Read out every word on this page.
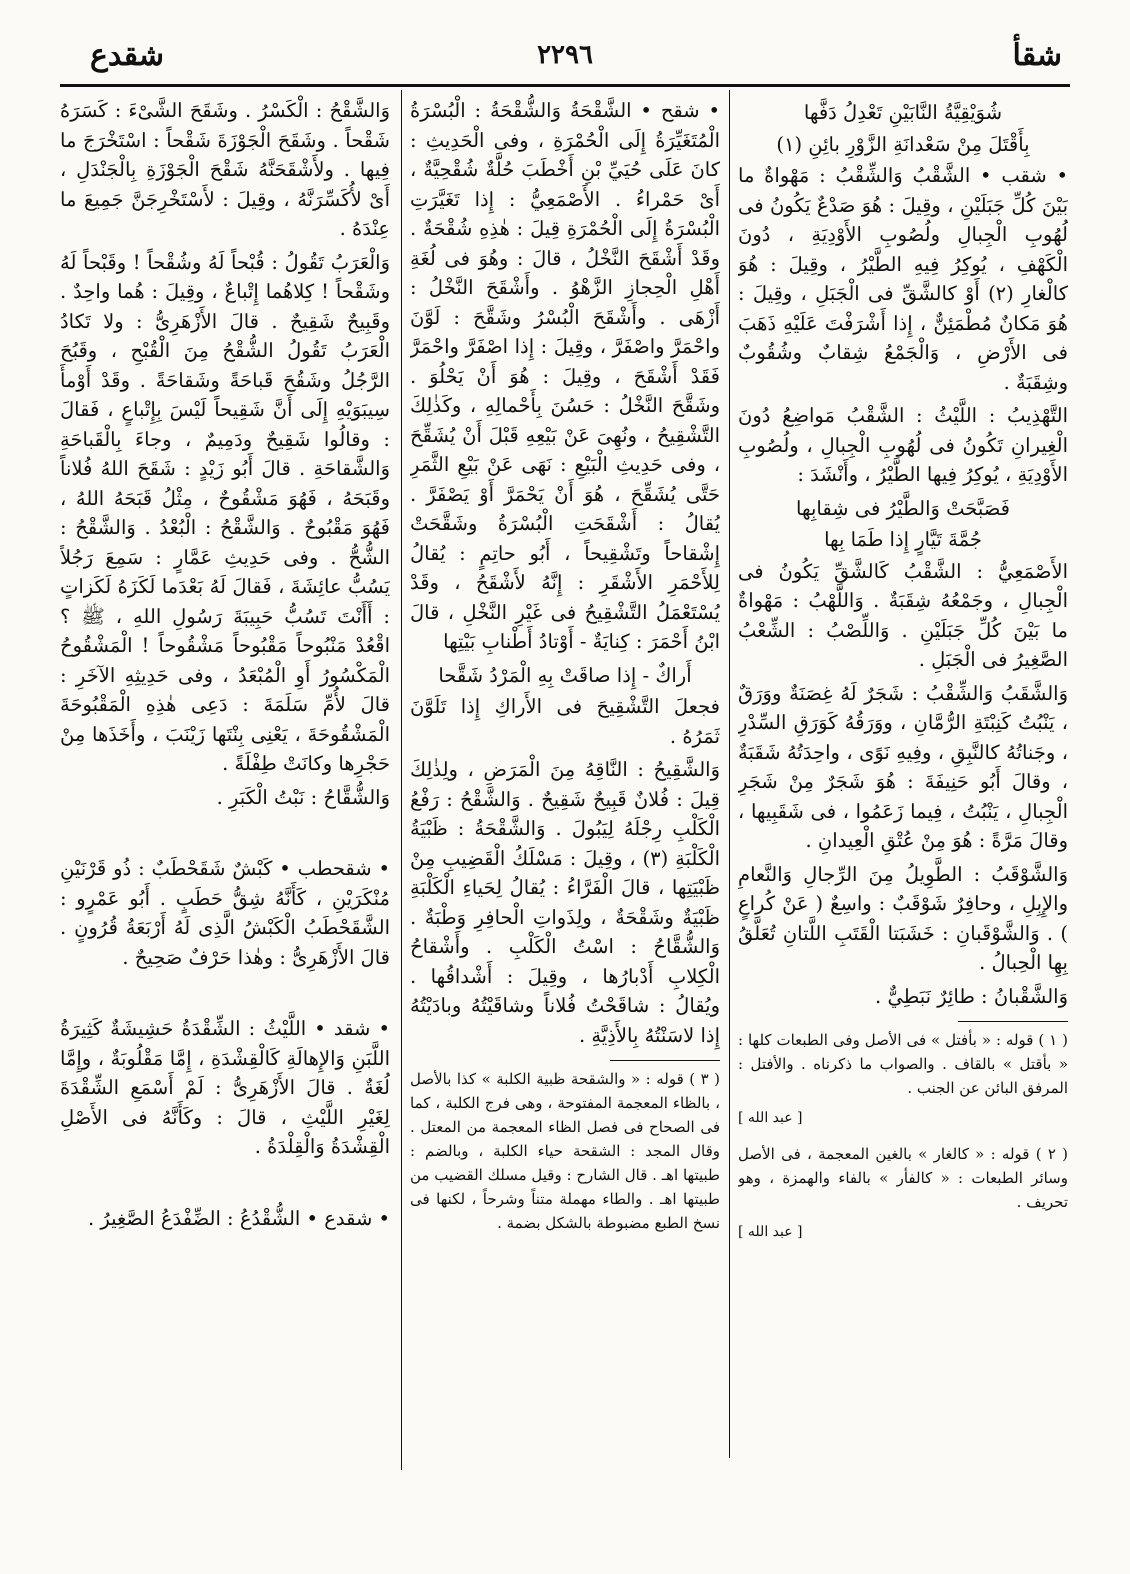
شقأ
٢٢٩٦
شقدع
شُوَيْقِيَّةُ النَّابَيْنِ تَعْدِلُ دَفَّها
بِأَقْتَلَ مِنْ سَعْدانَةِ الزَّوْرِ بائِنِ (١)

• شقب • الشَّقْبُ وَالشِّقْبُ : مَهْواةٌ ما بَيْنَ كُلِّ جَبَلَيْنِ ، وقِيلَ : هُوَ صَدْعٌ يَكُونُ فى لُهُوبِ الْجِبالِ ولُصُوبِ الأَوْدِيَةِ ، دُونَ الْكَهْفِ ، يُوكِرُ فِيهِ الطَّيْرُ ، وقِيلَ : هُوَ كالْغارِ (٢) أَوْ كالشَّقِّ فى الْجَبَلِ ، وقِيلَ : هُوَ مَكانٌ مُطْمَئِنٌّ ، إِذا أَشْرَفْتَ عَلَيْهِ ذَهَبَ فى الأَرْضِ ، وَالْجَمْعُ شِقابٌ وشُقُوبٌ وشِقَبَةٌ .

التَّهْذِيبُ : اللَّيْثُ : الشَّقْبُ مَواضِعُ دُونَ الْغِيرانِ تَكُونُ فى لُهُوبِ الْجِبالِ ، ولُصُوبِ الأَوْدِيَةِ ، يُوكِرُ فِيها الطَّيْرُ ، وأَنْشَدَ :

فَصَبَّحَتْ وَالطَّيْرُ فى شِقابِها
جُمَّةَ تَيَّارٍ إِذا طَمَا بِها

الأَصْمَعِيُّ : الشَّقْبُ كَالشَّقِّ يَكُونُ فى الْجِبالِ ، وجَمْعُهُ شِقَبَةٌ . وَاللَّهْبُ : مَهْواةٌ ما بَيْنَ كُلِّ جَبَلَيْنِ . وَاللِّصْبُ : الشِّعْبُ الصَّغِيرُ فى الْجَبَلِ .

وَالشَّقَبُ وَالشِّقْبُ : شَجَرٌ لَهُ غِصَنَةٌ ووَرَقٌ ، يَنْبُتُ كَنِبْتَةِ الرُّمَّانِ ، ووَرَقُهُ كَوَرَقِ السِّدْرِ ، وجَناتُهُ كالنَّبِقِ ، وفِيهِ نَوًى ، واحِدَتُهُ شَقَبَةٌ ، وقالَ أَبُو حَنِيفَةَ : هُوَ شَجَرٌ مِنْ شَجَرِ الْجِبالِ ، يَنْبُتُ ، فِيما زَعَمُوا ، فى شَقَبِيها ، وقالَ مَرَّةً : هُوَ مِنْ عُتْقِ الْعِيدانِ .

وَالشَّوْقَبُ : الطَّوِيلُ مِنَ الرِّجالِ وَالنَّعامِ والإِبِلِ ، وحافِرٌ شَوْقَبٌ : واسِعٌ ( عَنْ كُراعٍ ) . وَالشَّوْقَبانِ : خَشَبَتا الْقَتَبِ اللَّتانِ تُعَلَّقُ بِهِا الْحِبالُ .

وَالشَّقْبانُ : طائِرٌ نَبَطِيٌّ .

( ١ ) قوله : « بأفتل » فى الأصل وفى الطبعات كلها : « بأقتل » بالقاف . والصواب ما ذكرناه . والأفتل : المرفق البائن عن الجنب .

[ عبد الله ]

( ٢ ) قوله : « كالغار » بالغين المعجمة ، فى الأصل وسائر الطبعات : « كالفأر » بالفاء والهمزة ، وهو تحريف .

[ عبد الله ]

• شقح • الشَّقْحَةُ وَالشُّقْحَةُ : الْبُسْرَةُ الْمُتَغَيِّرَةُ إِلَى الْحُمْرَةِ ، وفى الْحَدِيثِ : كانَ عَلَى حُيَيِّ بْنِ أَخْطَبَ حُلَّةٌ شُقْحِيَّةٌ ، أَىْ حَمْراءُ . الأَصْمَعِيُّ : إِذا تَغَيَّرَتِ الْبُسْرَةُ إِلَى الْحُمْرَةِ قِيلَ : هٰذِهِ شُقْحَةٌ . وقَدْ أَشْقَحَ النَّخْلُ ، قالَ : وهُوَ فى لُغَةِ أَهْلِ الْحِجازِ الزَّهْوُ . وأَشْقَحَ النَّخْلُ : أَزْهَى . وأَشْقَحَ الْبُسْرُ وشَقَّحَ : لَوَّنَ واحْمَرَّ واصْفَرَّ ، وقِيلَ : إِذا اصْفَرَّ واحْمَرَّ فَقَدْ أَشْقَحَ ، وقِيلَ : هُوَ أَنْ يَحْلُوَ . وشَقَّحَ النَّخْلُ : حَسُنَ بِأَحْمالِهِ ، وكَذٰلِكَ التَّشْقِيحُ ، ونُهِىَ عَنْ بَيْعِهِ قَبْلَ أَنْ يُشَقِّحَ ، وفى حَدِيثِ الْبَيْعِ : نَهَى عَنْ بَيْعِ الثَّمَرِ حَتَّى يُشَقِّحَ ، هُوَ أَنْ يَحْمَرَّ أَوْ يَصْفَرَّ . يُقالُ : أَشْقَحَتِ الْبُسْرَةُ وشَقَّحَتْ إِشْقاحاً وتَشْقِيحاً ، أَبُو حاتِمٍ : يُقالُ لِلأَحْمَرِ الأَشْقَرِ : إِنَّهُ لأَشْقَحُ ، وقَدْ يُسْتَعْمَلُ التَّشْقِيحُ فى غَيْرِ النَّخْلِ ، قالَ ابْنُ أَحْمَرَ : كِنايَةٌ - أَوْتادُ أَطْنابِ بَيْتِها

أَراكٌ - إِذا صاقَتْ بِهِ الْمَرْدُ شَقَّحا

فجعلَ التَّشْقِيحَ فى الأَراكِ إِذا تَلَوَّنَ ثَمَرُهُ .

وَالشَّقِيحُ : النَّاقِهُ مِنَ الْمَرَضِ ، ولِذٰلِكَ قِيلَ : فُلانٌ قَبِيحٌ شَقِيحٌ . وَالشَّقْحُ : رَفْعُ الْكَلْبِ رِجْلَهُ لِيَبُولَ . وَالشَّقْحَةُ : ظَبْيَةُ الْكَلْبَةِ (٣) ، وقِيلَ : مَسْلَكُ الْقَضِيبِ مِنْ ظَبْيَتِها ، قالَ الْفَرَّاءُ : يُقالُ لِحَياءِ الْكَلْبَةِ ظَبْيَةٌ وشَقْحَةٌ ، ولِذَواتِ الْحافِرِ وَطْبَةٌ . وَالشُّقَّاحُ : اسْتُ الْكَلْبِ . وأَشْقاحُ الْكِلابِ أَدْبارُها ، وقِيلَ : أَشْداقُها . ويُقالُ : شاقَحْتُ فُلاناً وشاقَيْتُهُ وبادَيْتُهُ إِذا لاسَنْتُهُ بِالأَذِيَّةِ .

( ٣ ) قوله : « والشقحة ظبية الكلبة » كذا بالأصل ، بالظاء المعجمة المفتوحة ، وهى فرج الكلبة ، كما فى الصحاح فى فصل الظاء المعجمة من المعتل . وقال المجد : الشقحة حياء الكلبة ، وبالضم : طبيتها اهـ . قال الشارح : وقيل مسلك القضيب من طبيتها اهـ . والطاء مهملة متناً وشرحاً ، لكنها فى نسخ الطبع مضبوطة بالشكل بضمة .

وَالشَّقْحُ : الْكَسْرُ . وشَقَحَ الشَّىْءَ : كَسَرَهُ شَقْحاً . وشَقَحَ الْجَوْزَةَ شَقْحاً : اسْتَخْرَجَ ما فِيها . ولأَشْقَحَنَّهُ شَقْحَ الْجَوْزَةِ بِالْجَنْدَلِ ، أَىْ لأُكَسِّرَنَّهُ ، وقِيلَ : لأَسْتَخْرِجَنَّ جَمِيعَ ما عِنْدَهُ .

وَالْعَرَبُ تَقُولُ : قُبْحاً لَهُ وشُقْحاً ! وقَبْحاً لَهُ وشَقْحاً ! كِلاهُما إِتْباعٌ ، وقِيلَ : هُما واحِدٌ . وقَبِيحٌ شَقِيحٌ . قالَ الأَزْهَرِىُّ : ولا تَكادُ الْعَرَبُ تَقُولُ الشُّقْحُ مِنَ الْقُبْحِ ، وقَبُحَ الرَّجُلُ وشَقُحَ قَباحَةً وشَقاحَةً . وقَدْ أَوْمأَ سِيبَوَيْهِ إِلَى أَنَّ شَقِيحاً لَيْسَ بِإِتْباعٍ ، فَقالَ : وقالُوا شَقِيحٌ ودَمِيمٌ ، وجاءَ بِالْقَباحَةِ وَالشَّقاحَةِ . قالَ أَبُو زَيْدٍ : شَقَحَ اللهُ فُلاناً وقَبَحَهُ ، فَهُوَ مَشْقُوحٌ ، مِثْلُ قَبَحَهُ اللهُ ، فَهُوَ مَقْبُوحٌ . وَالشَّقْحُ : الْبُعْدُ . وَالشَّقْحُ : الشُّحُّ . وفى حَدِيثِ عَمَّارٍ : سَمِعَ رَجُلاً يَسُبُّ عائِشَةَ ، فَقالَ لَهُ بَعْدَما لَكَزَهُ لَكَزاتٍ : أَأَنْتَ تَسُبُّ حَبِيبَةَ رَسُولِ اللهِ ، ﷺ ؟ اقْعُدْ مَنْبُوحاً مَقْبُوحاً مَشْقُوحاً ! الْمَشْقُوحُ الْمَكْسُورُ أَوِ الْمُبْعَدُ ، وفى حَدِيثِهِ الآخَرِ : قالَ لأُمِّ سَلَمَةَ : دَعِى هٰذِهِ الْمَقْبُوحَةَ الْمَشْقُوحَةَ ، يَعْنِى بِنْتَها زَيْنَبَ ، وأَخَذَها مِنْ حَجْرِها وكانَتْ طِفْلَةً .

وَالشُّقَّاحُ : نَبْتُ الْكَبَرِ .

• شقحطب • كَبْشٌ شَقَحْطَبٌ : ذُو قَرْنَيْنِ مُنْكَرَيْنِ ، كَأَنَّهُ شِقُّ حَطَبٍ . أَبُو عَمْرٍو : الشَّقَحْطَبُ الْكَبْشُ الَّذِى لَهُ أَرْبَعَةُ قُرُونٍ . قالَ الأَزْهَرِىُّ : وهٰذا حَرْفٌ صَحِيحٌ .

• شقد • اللَّيْثُ : الشِّقْدَةُ حَشِيشَةٌ كَثِيرَةُ اللَّبَنِ وَالإِهالَةِ كَالْقِشْدَةِ ، إِمَّا مَقْلُوبَةٌ ، وإِمَّا لُغَةٌ . قالَ الأَزْهَرِىُّ : لَمْ أَسْمَعِ الشِّقْدَةَ لِغَيْرِ اللَّيْثِ ، قالَ : وكَأَنَّهُ فى الأَصْلِ الْقِشْدَةُ وَالْقِلْدَةُ .

• شقدع • الشُّقْدُعُ : الضِّفْدَعُ الصَّغِيرُ .
